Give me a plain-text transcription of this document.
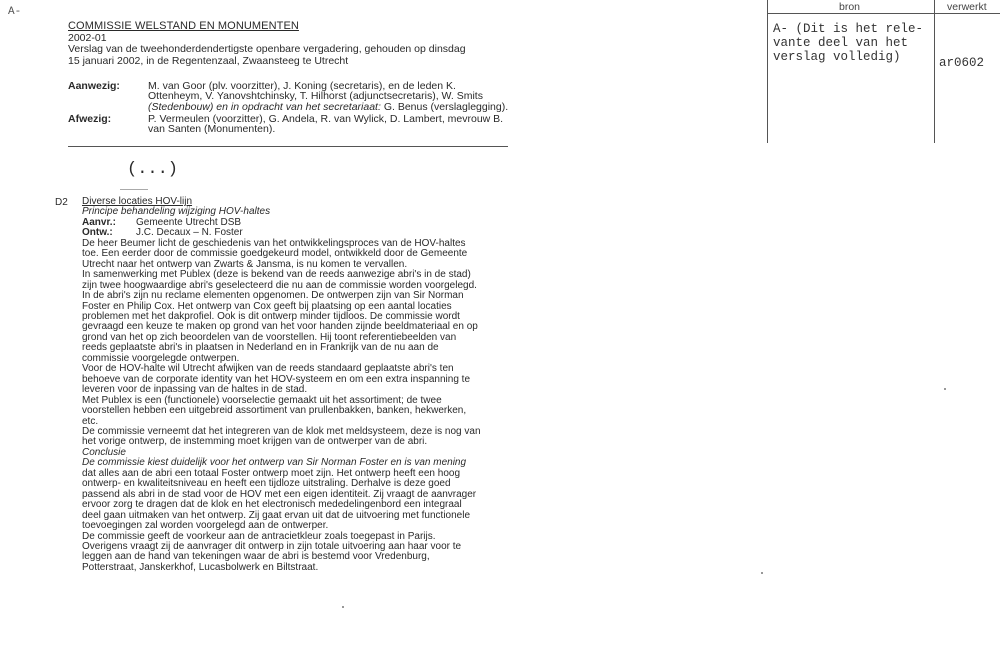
A-
COMMISSIE WELSTAND EN MONUMENTEN
2002-01
Verslag van de tweehonderdendertigste openbare vergadering, gehouden op dinsdag
15 januari 2002, in de Regentenzaal, Zwaansteeg te Utrecht
Aanwezig:	M. van Goor (plv. voorzitter), J. Koning (secretaris), en de leden K.
Ottenheym, V. Yanovshtchinsky, T. Hilhorst (adjunctsecretaris), W. Smits
(Stedenbouw) en in opdracht van het secretariaat: G. Benus (verslaglegging).
Afwezig:	P. Vermeulen (voorzitter), G. Andela, R. van Wylick, D. Lambert, mevrouw B.
van Santen (Monumenten).
(...)
D2 Diverse locaties HOV-lijn

Principe behandeling wijziging HOV-haltes

Aanvr.:	Gemeente Utrecht DSB
Ontw.:	J.C. Decaux – N. Foster

De heer Beumer licht de geschiedenis van het ontwikkelingsproces van de HOV-haltes

toe. Een eerder door de commissie goedgekeurd model, ontwikkeld door de Gemeente

Utrecht naar het ontwerp van Zwarts & Jansma, is nu komen te vervallen.

In samenwerking met Publex (deze is bekend van de reeds aanwezige abri's in de stad)

zijn twee hoogwaardige abri's geselecteerd die nu aan de commissie worden voorgelegd.

In de abri's zijn nu reclame elementen opgenomen. De ontwerpen zijn van Sir Norman

Foster en Philip Cox. Het ontwerp van Cox geeft bij plaatsing op een aantal locaties

problemen met het dakprofiel. Ook is dit ontwerp minder tijdloos. De commissie wordt

gevraagd een keuze te maken op grond van het voor handen zijnde beeldmateriaal en op

grond van het op zich beoordelen van de voorstellen. Hij toont referentiebeelden van

reeds geplaatste abri's in plaatsen in Nederland en in Frankrijk van de nu aan de

commissie voorgelegde ontwerpen.

Voor de HOV-halte wil Utrecht afwijken van de reeds standaard geplaatste abri's ten

behoeve van de corporate identity van het HOV-systeem en om een extra inspanning te

leveren voor de inpassing van de haltes in de stad.

Met Publex is een (functionele) voorselectie gemaakt uit het assortiment; de twee

voorstellen hebben een uitgebreid assortiment van prullenbakken, banken, hekwerken,

etc.

De commissie verneemt dat het integreren van de klok met meldsysteem, deze is nog van

het vorige ontwerp, de instemming moet krijgen van de ontwerper van de abri.

Conclusie

De commissie kiest duidelijk voor het ontwerp van Sir Norman Foster en is van mening

dat alles aan de abri een totaal Foster ontwerp moet zijn. Het ontwerp heeft een hoog

ontwerp- en kwaliteitsniveau en heeft een tijdloze uitstraling. Derhalve is deze goed

passend als abri in de stad voor de HOV met een eigen identiteit. Zij vraagt de aanvrager

ervoor zorg te dragen dat de klok en het electronisch mededelingenbord een integraal

deel gaan uitmaken van het ontwerp. Zij gaat ervan uit dat de uitvoering met functionele

toevoegingen zal worden voorgelegd aan de ontwerper.

De commissie geeft de voorkeur aan de antracietkleur zoals toegepast in Parijs.

Overigens vraagt zij de aanvrager dit ontwerp in zijn totale uitvoering aan haar voor te

leggen aan de hand van tekeningen waar de abri is bestemd voor Vredenburg,

Potterstraat, Janskerkhof, Lucasbolwerk en Biltstraat.

bron	verwerkt
A- (Dit is het rele-
vante deel van het
verslag volledig)	ar0602
